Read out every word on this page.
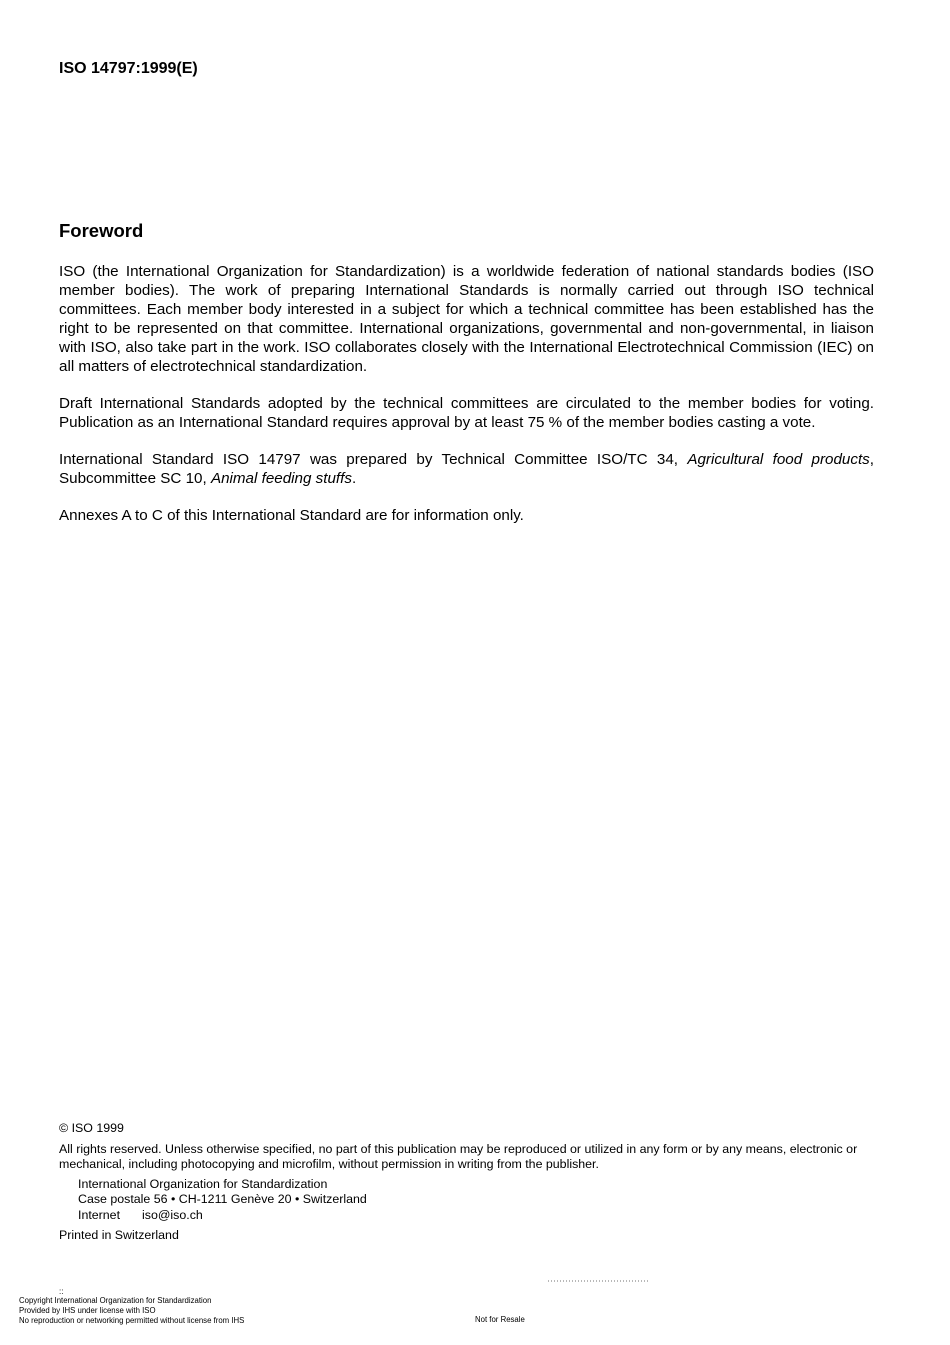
ISO 14797:1999(E)
Foreword

ISO (the International Organization for Standardization) is a worldwide federation of national standards bodies (ISO member bodies). The work of preparing International Standards is normally carried out through ISO technical committees. Each member body interested in a subject for which a technical committee has been established has the right to be represented on that committee. International organizations, governmental and non-governmental, in liaison with ISO, also take part in the work. ISO collaborates closely with the International Electrotechnical Commission (IEC) on all matters of electrotechnical standardization.

Draft International Standards adopted by the technical committees are circulated to the member bodies for voting. Publication as an International Standard requires approval by at least 75 % of the member bodies casting a vote.

International Standard ISO 14797 was prepared by Technical Committee ISO/TC 34, Agricultural food products, Subcommittee SC 10, Animal feeding stuffs.

Annexes A to C of this International Standard are for information only.

© ISO 1999
All rights reserved. Unless otherwise specified, no part of this publication may be reproduced or utilized in any form or by any means, electronic or mechanical, including photocopying and microfilm, without permission in writing from the publisher.
International Organization for Standardization
Case postale 56 • CH-1211 Genève 20 • Switzerland
Internet iso@iso.ch
Printed in Switzerland
::
Copyright International Organization for Standardization
Provided by IHS under license with ISO
No reproduction or networking permitted without license from IHS	Not for Resale
